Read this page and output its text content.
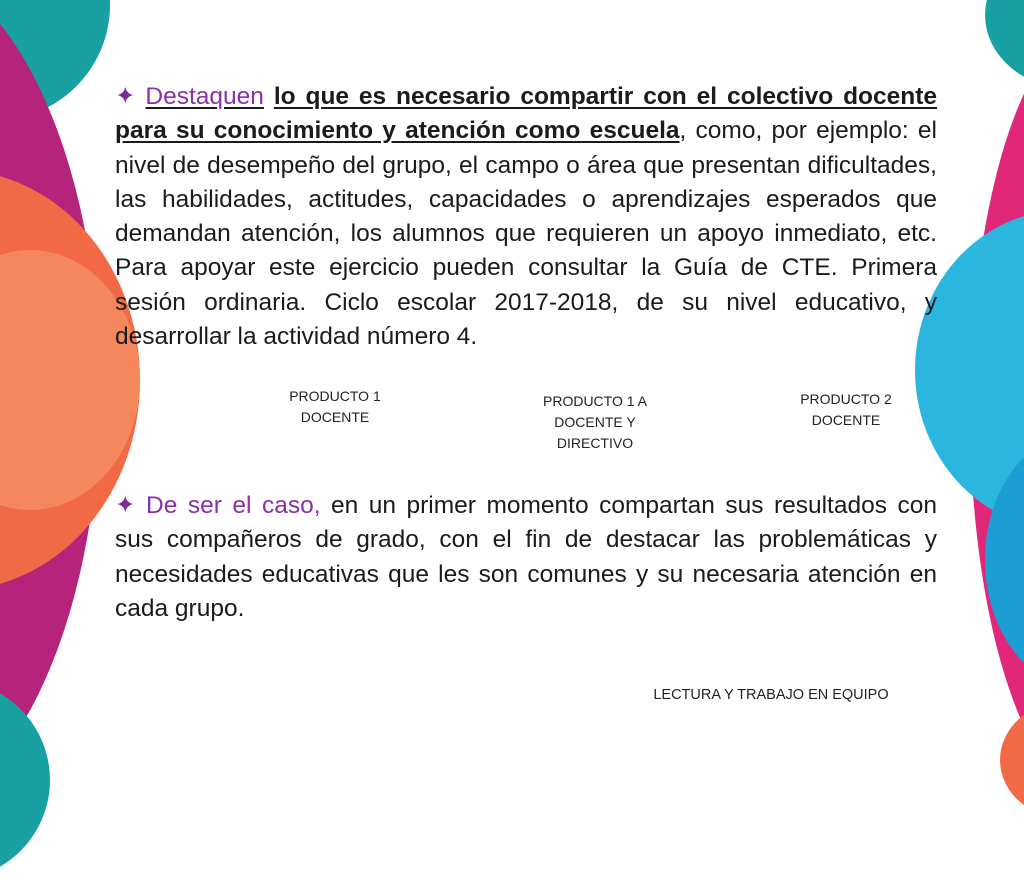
✦ Destaquen lo que es necesario compartir con el colectivo docente para su conocimiento y atención como escuela, como, por ejemplo: el nivel de desempeño del grupo, el campo o área que presentan dificultades, las habilidades, actitudes, capacidades o aprendizajes esperados que demandan atención, los alumnos que requieren un apoyo inmediato, etc. Para apoyar este ejercicio pueden consultar la Guía de CTE. Primera sesión ordinaria. Ciclo escolar 2017-2018, de su nivel educativo, y desarrollar la actividad número 4.

PRODUCTO 1
DOCENTE
PRODUCTO 1 A
DOCENTE Y
DIRECTIVO
PRODUCTO 2
DOCENTE

✦ De ser el caso, en un primer momento compartan sus resultados con sus compañeros de grado, con el fin de destacar las problemáticas y necesidades educativas que les son comunes y su necesaria atención en cada grupo.

LECTURA Y TRABAJO EN EQUIPO
